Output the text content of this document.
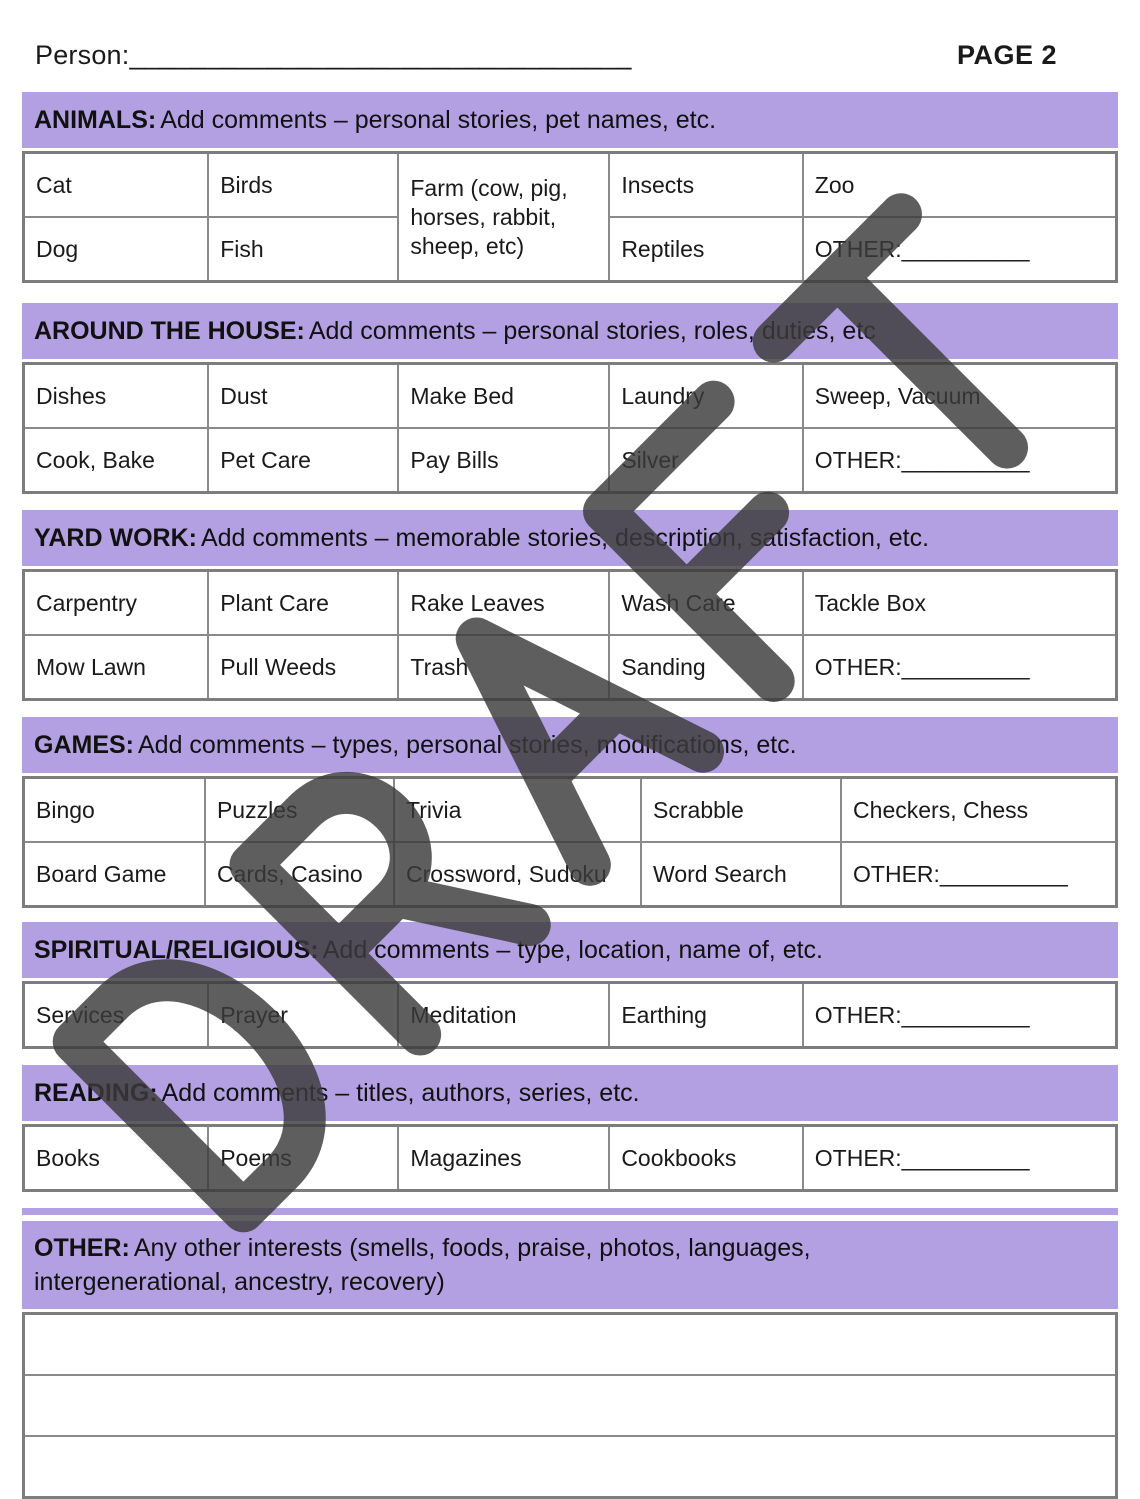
Person:_________________________________	PAGE 2
ANIMALS: Add comments – personal stories, pet names, etc.
Cat	Birds	Farm (cow, pig, horses, rabbit, sheep, etc)	Insects	Zoo
Dog	Fish		Reptiles	OTHER:__________
AROUND THE HOUSE: Add comments – personal stories, roles, duties, etc
Dishes	Dust	Make Bed	Laundry	Sweep, Vacuum
Cook, Bake	Pet Care	Pay Bills	Silver	OTHER:__________
YARD WORK: Add comments – memorable stories, description, satisfaction, etc.
Carpentry	Plant Care	Rake Leaves	Wash Care	Tackle Box
Mow Lawn	Pull Weeds	Trash	Sanding	OTHER:__________
GAMES: Add comments – types, personal stories, modifications, etc.
Bingo	Puzzles	Trivia	Scrabble	Checkers, Chess
Board Game	Cards, Casino	Crossword, Sudoku	Word Search	OTHER:__________
SPIRITUAL/RELIGIOUS: Add comments – type, location, name of, etc.
Services	Prayer	Meditation	Earthing	OTHER:__________
READING: Add comments – titles, authors, series, etc.
Books	Poems	Magazines	Cookbooks	OTHER:__________
OTHER: Any other interests (smells, foods, praise, photos, languages,
intergenerational, ancestry, recovery)
